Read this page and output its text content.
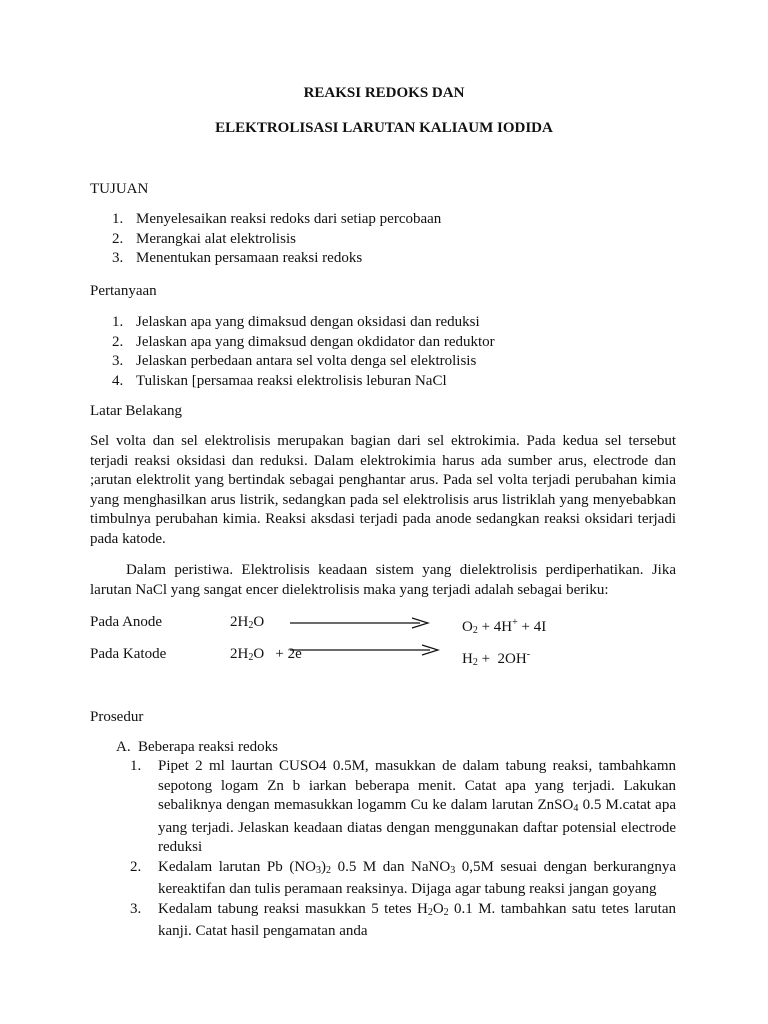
REAKSI REDOKS DAN
ELEKTROLISASI LARUTAN KALIAUM IODIDA
TUJUAN
1. Menyelesaikan reaksi redoks dari setiap percobaan
2. Merangkai alat elektrolisis
3. Menentukan persamaan reaksi redoks
Pertanyaan
1. Jelaskan apa yang dimaksud dengan oksidasi dan reduksi
2. Jelaskan apa yang dimaksud dengan okdidator dan reduktor
3. Jelaskan perbedaan antara sel volta denga sel elektrolisis
4. Tuliskan [persamaa reaksi elektrolisis leburan NaCl
Latar Belakang
Sel volta dan sel elektrolisis merupakan bagian dari sel ektrokimia. Pada kedua sel tersebut terjadi reaksi oksidasi dan reduksi. Dalam elektrokimia harus ada sumber arus, electrode dan ;arutan elektrolit yang bertindak sebagai penghantar arus. Pada sel volta terjadi perubahan kimia yang menghasilkan arus listrik, sedangkan pada sel elektrolisis arus listriklah yang menyebabkan timbulnya perubahan kimia. Reaksi aksdasi terjadi pada anode sedangkan reaksi oksidari terjadi pada katode.
Dalam peristiwa. Elektrolisis keadaan sistem yang dielektrolisis perdiperhatikan. Jika larutan NaCl yang sangat encer dielektrolisis maka yang terjadi adalah sebagai beriku:
Pada Anode	$2H_2O$	$O_2 + 4H^+ + 4I$
Pada Katode	$2H_2O + 2e$	$H_2 + 2OH^-$
Prosedur
A. Beberapa reaksi redoks
1. Pipet 2 ml laurtan CUSO4 0.5M, masukkan de dalam tabung reaksi, tambahkamn sepotong logam Zn b iarkan beberapa menit. Catat apa yang terjadi. Lakukan sebaliknya dengan memasukkan logamm Cu ke dalam larutan ZnSO$_4$ 0.5 M.catat apa yang terjadi. Jelaskan keadaan diatas dengan menggunakan daftar potensial electrode reduksi
2. Kedalam larutan Pb $(NO_3)_2$ 0.5 M dan NaNO$_3$ 0,5M sesuai dengan berkurangnya kereaktifan dan tulis peramaan reaksinya. Dijaga agar tabung reaksi jangan goyang
3. Kedalam tabung reaksi masukkan 5 tetes $H_2O_2$ 0.1 M. tambahkan satu tetes larutan kanji. Catat hasil pengamatan anda
